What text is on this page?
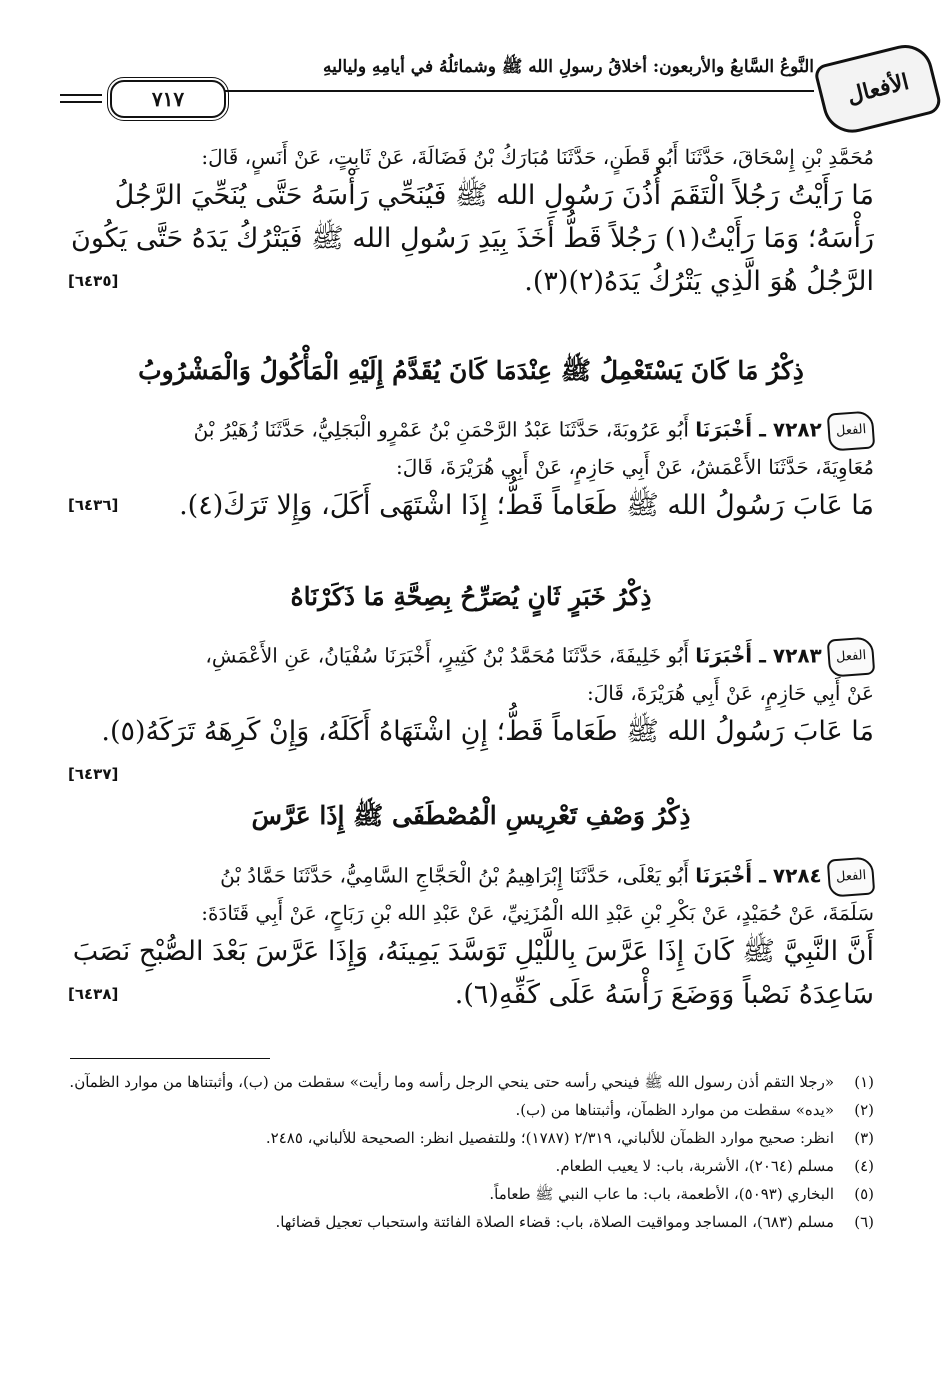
الأفعال
النَّوعُ السَّابعُ والأربعون: أخلاقُ رسولِ الله ﷺ وشمائلُهُ في أيامِهِ ولياليهِ
٧١٧
مُحَمَّدِ بْنِ إِسْحَاقَ، حَدَّثَنَا أَبُو قَطَنٍ، حَدَّثَنَا مُبَارَكُ بْنُ فَضَالَةَ، عَنْ ثَابِتٍ، عَنْ أَنَسٍ، قَالَ:
مَا رَأَيْتُ رَجُلاً الْتَقَمَ أُذُنَ رَسُولِ الله ﷺ فَيُنَحِّي رَأْسَهُ حَتَّى يُنَحِّيَ الرَّجُلُ
رَأْسَهُ؛ وَمَا رَأَيْتُ(١) رَجُلاً قَطُّ أَخَذَ بِيَدِ رَسُولِ الله ﷺ فَيَتْرُكُ يَدَهُ حَتَّى يَكُونَ
الرَّجُلُ هُوَ الَّذِي يَتْرُكُ يَدَهُ(٢)(٣).
[٦٤٣٥]
ذِكْرُ مَا كَانَ يَسْتَعْمِلُ ﷺ عِنْدَمَا كَانَ يُقَدَّمُ إِلَيْهِ الْمَأْكُولُ وَالْمَشْرُوبُ
الفعل٧٢٨٢ ـ أَخْبَرَنَا أَبُو عَرُوبَةَ، حَدَّثَنَا عَبْدُ الرَّحْمَنِ بْنُ عَمْرٍو الْبَجَلِيُّ، حَدَّثَنَا زُهَيْرُ بْنُ
مُعَاوِيَةَ، حَدَّثَنَا الأَعْمَشُ، عَنْ أَبِي حَازِمٍ، عَنْ أَبِي هُرَيْرَةَ، قَالَ:
مَا عَابَ رَسُولُ الله ﷺ طَعَاماً قَطُّ؛ إِذَا اشْتَهَى أَكَلَ، وَإِلا تَرَكَ(٤).
[٦٤٣٦]
ذِكْرُ خَبَرٍ ثَانٍ يُصَرِّحُ بِصِحَّةِ مَا ذَكَرْنَاهُ
الفعل٧٢٨٣ ـ أَخْبَرَنَا أَبُو خَلِيفَةَ، حَدَّثَنَا مُحَمَّدُ بْنُ كَثِيرٍ، أَخْبَرَنَا سُفْيَانُ، عَنِ الأَعْمَشِ،
عَنْ أَبِي حَازِمٍ، عَنْ أَبِي هُرَيْرَةَ، قَالَ:
مَا عَابَ رَسُولُ الله ﷺ طَعَاماً قَطُّ؛ إِنِ اشْتَهَاهُ أَكَلَهُ، وَإِنْ كَرِهَهُ تَرَكَهُ(٥).
[٦٤٣٧]
ذِكْرُ وَصْفِ تَعْرِيسِ الْمُصْطَفَى ﷺ إِذَا عَرَّسَ
الفعل٧٢٨٤ ـ أَخْبَرَنَا أَبُو يَعْلَى، حَدَّثَنَا إِبْرَاهِيمُ بْنُ الْحَجَّاجِ السَّامِيُّ، حَدَّثَنَا حَمَّادُ بْنُ
سَلَمَةَ، عَنْ حُمَيْدٍ، عَنْ بَكْرِ بْنِ عَبْدِ الله الْمُزَنِيِّ، عَنْ عَبْدِ الله بْنِ رَبَاحٍ، عَنْ أَبِي قَتَادَةَ:
أَنَّ النَّبِيَّ ﷺ كَانَ إِذَا عَرَّسَ بِاللَّيْلِ تَوَسَّدَ يَمِينَهُ، وَإِذَا عَرَّسَ بَعْدَ الصُّبْحِ نَصَبَ
سَاعِدَهُ نَصْباً وَوَضَعَ رَأْسَهُ عَلَى كَفِّهِ(٦).
[٦٤٣٨]
(١)
«رجلا التقم أذن رسول الله ﷺ فينحي رأسه حتى ينحي الرجل رأسه وما رأيت» سقطت من (ب)، وأثبتناها من موارد الظمآن.
(٢)
«يده» سقطت من موارد الظمآن، وأثبتناها من (ب).
(٣)
انظر: صحيح موارد الظمآن للألباني، ٢/٣١٩ (١٧٨٧)؛ وللتفصيل انظر: الصحيحة للألباني، ٢٤٨٥.
(٤)
مسلم (٢٠٦٤)، الأشربة، باب: لا يعيب الطعام.
(٥)
البخاري (٥٠٩٣)، الأطعمة، باب: ما عاب النبي ﷺ طعاماً.
(٦)
مسلم (٦٨٣)، المساجد ومواقيت الصلاة، باب: قضاء الصلاة الفائتة واستحباب تعجيل قضائها.
